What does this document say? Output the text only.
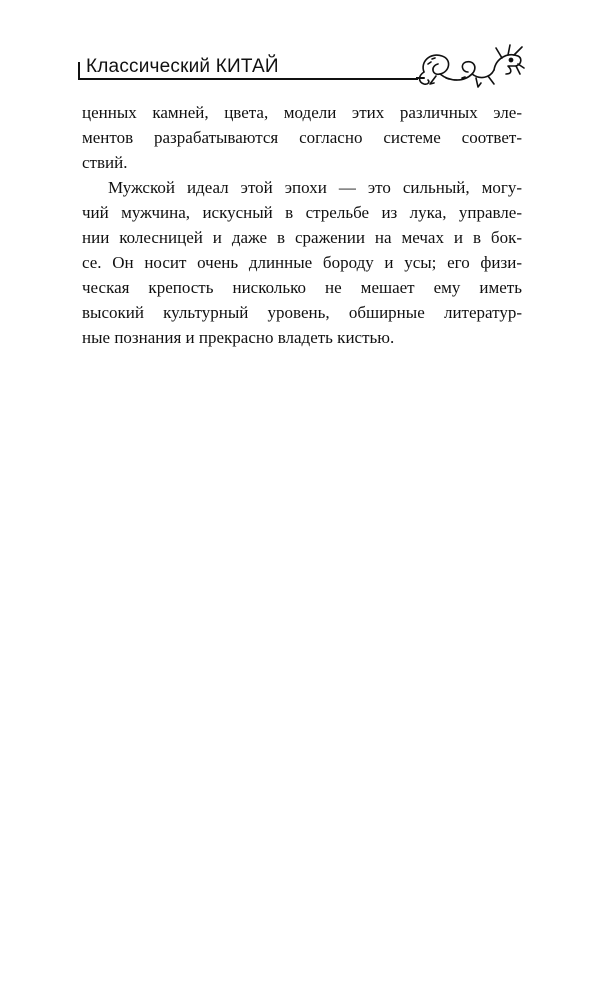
Классический КИТАЙ
ценных камней, цвета, модели этих различных эле-
ментов разрабатываются согласно системе соответ-
ствий.
Мужской идеал этой эпохи — это сильный, могу-
чий мужчина, искусный в стрельбе из лука, управле-
нии колесницей и даже в сражении на мечах и в бок-
се. Он носит очень длинные бороду и усы; его физи-
ческая крепость нисколько не мешает ему иметь
высокий культурный уровень, обширные литератур-
ные познания и прекрасно владеть кистью.
